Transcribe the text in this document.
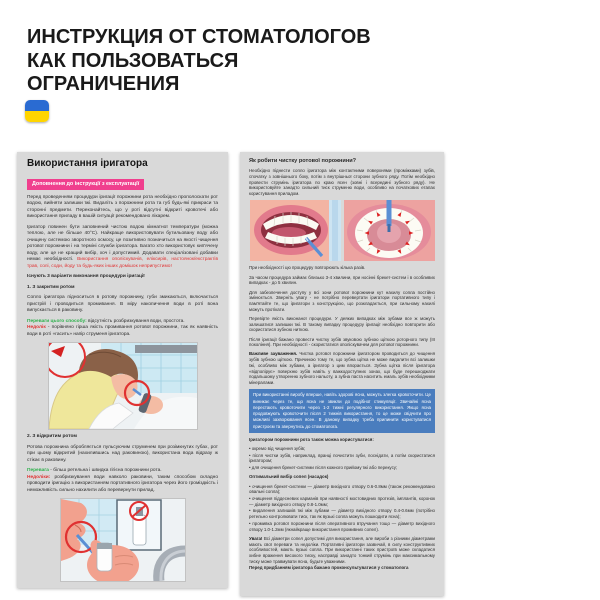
ИНСТРУКЦИЯ ОТ СТОМАТОЛОГОВ
КАК ПОЛЬЗОВАТЬСЯ
ОГРАНИЧЕНИЯ
Використання іригатора
Доповнення до інструкції з експлуатації

Перед проведенням процедури іригації порожнини рота необхідно прополоскати рот водою, вийняти залишки їжі. Видаліть з порожнини рота та губ будь-які прикраси та сторонні предмети. Переконайтесь, що у роті відсутні відкриті кровотечі або використання приладу в вашій ситуації рекомендовано лікарем.

Іригатор повинен бути заповнений чистою водою кімнатної температури (можна теплою, але не більше 40°С). Найкраще використовувати бутильовану воду або очищену системою зворотного осмосу, це позитивно позначиться на якості чищення ротової порожнини і на терміні служби іригатора. Багато хто використовує кип'ячену воду, але це не кращий вибір, хоч і допустимий. Додавати спеціалізовані добавки немає необхідності. Використання ополіскувачів, еліксирів, настоянок/екстрактів трав, солі, соди, йоду та будь-яких інших домішок неприпустимо!

Існують 3 варіанти виконання процедури іригації

1. З закритим ротом

Сопло іригатора підноситься в ротову порожнину, губи змикаються, включається пристрій і проводиться промивання. В міру накопичення води в роті вона випускається в раковину.

Переваги цього способу: відсутність розбризкування води, простота.
Недолік - порівняно гірша якість промивання ротової порожнини, так як наявність води в роті «гасить» напір струменя іригатора.

2. З відкритим ротом

Ротова порожнина обробляється пульсуючим струменем при розімкнутих губах, рот при цьому відкритий (нахилившись над раковиною), використана вода відразу ж стікає в раковину.

Перевага - більш ретельна і швидка гігієна порожнини рота.
Недоліки: розбризкування води навколо раковини, таким способом складно проводити іригацію з використанням портативного іригатора через його громіздкість і неможливість сильно нахилити або перевернути прилад.

Як робити чистку ротової порожнини?

Необхідно піднести сопло іригатора між контактними поверхнями (проміжками) зубів, спочатку з зовнішнього боку, потім з внутрішньої сторони зубного ряду. Потім необхідно провести струмінь іригатора по краю ясен (зовні і всередині зубного ряду). Не використовуйте занадто сильний тиск струменю води, особливо на початкових етапах користування приладом.

При необхідності цю процедуру повторюють кілька разів.

За часом процедура займає близько 3-4 хвилини, при носінні брекет-систем і в особливих випадках - до 5 хвилин.

Для забезпечення доступу у всі зони ротової порожнини кут нахилу сопла постійно змінюється. Зверніть увагу - не потрібно перевертати іригатори портативного типу і пам'ятайте те, що іригатори з конструкцією, що розкладається, при сильному нахилі можуть протікати.

Перевірте якість виконаної процедури. У деяких випадках між зубами все ж можуть залишатися залишки їжі. В такому випадку процедуру іригації необхідно повторити або скористатися зубною ниткою.

Після іригації бажано провести чистку зубів звуковою зубною щіткою роторного типу (III покоління). При необхідності - скористатися ополіскувачем для ротової порожнини.

Важливе зауваження. Чистка ротової порожнини іригатором проводиться до чищення зубів зубною щіткою. Причиною тому те, що зубна щітка не може видалити всі залишки їжі, особливо між зубами, а іригатор з цим впорається. Зубна щітка після іригатора «відполірує» поверхню зубів навіть у важкодоступних зонах, що буде перешкоджати подальшому утворенню зубного нальоту, а зубна паста наситить емаль зубів необхідними мінералами.

При використанні виробу вперше, навіть здорові ясна, можуть злегка кровоточити. Це виникає через те, що ясна не звикли до подібної стимуляції. Звичайні ясна перестають кровоточити через 1-2 тижні регулярного використання. Якщо ясна продовжують кровоточити після 2 тижнів використання, то це може свідчити про можливі захворювання ясен. В даному випадку треба припинити користуватися пристроєм та звернутись до стоматолога.

Іригатором порожнини рота також можна користуватися:

• окремо від чищення зубів;

• після чистки зубів, наприклад, вранці почистити зуби, поснідати, а потім скористатися іригатором;

• для очищення брекет-системи після кожного прийому їжі або перекусу;

Оптимальний вибір сопел (насадок)

• очищення брекет-системи — діаметр вихідного отвору 0.6-0.8мм (також рекомендовано овальні сопла);

• очищення піддесневих карманів при наявності мостовидних протезів, імплантів, коронок — діаметр вихідного отвору 0.8-1.0мм;

• видалення залишків їжі між зубами — діаметр вихідного отвору 0.4-0.6мм (потрібно ретельно контролювати тиск, так як вузькі сопла можуть пошкодити ясна);

• промивка ротової порожнини після оперативного втручання тощо — діаметр вихідного отвору 1.0-1.2мм (якнайкраще використання промивних сопел).

Увага! Всі діаметри сопел допустимі для використання, але вироби з різними діаметрами мають свої переваги та недоліки. Портативні іригатори зазвичай, в силу конструктивних особливостей, мають вузькі сопла. При використанні таких пристроїв може складатися хибне враження високого тиску, насправді занадто тонкий струмінь при максимальному тиску може травмувати ясна, будьте уважними.

Перед придбанням іригатора бажано проконсультуватися у стоматолога
